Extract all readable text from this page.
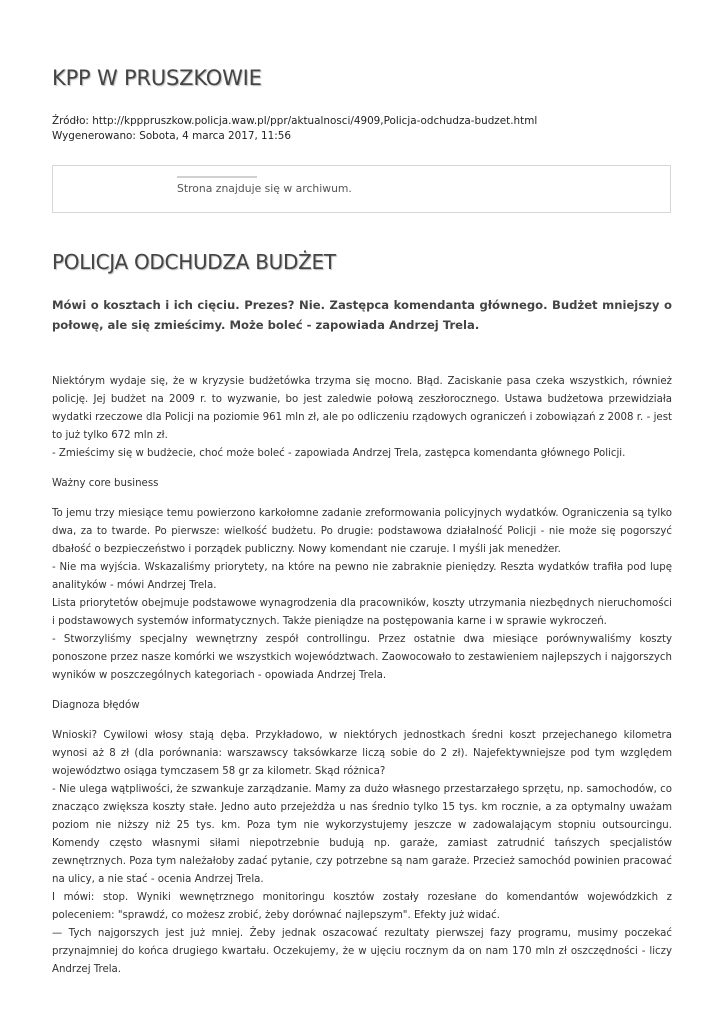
KPP W PRUSZKOWIE
Źródło: http://kpppruszkow.policja.waw.pl/ppr/aktualnosci/4909,Policja-odchudza-budzet.html
Wygenerowano: Sobota, 4 marca 2017, 11:56
Strona znajduje się w archiwum.
POLICJA ODCHUDZA BUDŻET

Mówi o kosztach i ich cięciu. Prezes? Nie. Zastępca komendanta głównego. Budżet mniejszy o połowę, ale się zmieścimy. Może boleć - zapowiada Andrzej Trela.

Niektórym wydaje się, że w kryzysie budżetówka trzyma się mocno. Błąd. Zaciskanie pasa czeka wszystkich, również policję. Jej budżet na 2009 r. to wyzwanie, bo jest zaledwie połową zeszłorocznego. Ustawa budżetowa przewidziała wydatki rzeczowe dla Policji na poziomie 961 mln zł, ale po odliczeniu rządowych ograniczeń i zobowiązań z 2008 r. - jest to już tylko 672 mln zł.
- Zmieścimy się w budżecie, choć może boleć - zapowiada Andrzej Trela, zastępca komendanta głównego Policji.

Ważny core business

To jemu trzy miesiące temu powierzono karkołomne zadanie zreformowania policyjnych wydatków. Ograniczenia są tylko dwa, za to twarde. Po pierwsze: wielkość budżetu. Po drugie: podstawowa działalność Policji - nie może się pogorszyć dbałość o bezpieczeństwo i porządek publiczny. Nowy komendant nie czaruje. I myśli jak menedżer.
- Nie ma wyjścia. Wskazaliśmy priorytety, na które na pewno nie zabraknie pieniędzy. Reszta wydatków trafiła pod lupę analityków - mówi Andrzej Trela.
Lista priorytetów obejmuje podstawowe wynagrodzenia dla pracowników, koszty utrzymania niezbędnych nieruchomości i podstawowych systemów informatycznych. Także pieniądze na postępowania karne i w sprawie wykroczeń.
- Stworzyliśmy specjalny wewnętrzny zespół controllingu. Przez ostatnie dwa miesiące porównywaliśmy koszty ponoszone przez nasze komórki we wszystkich województwach. Zaowocowało to zestawieniem najlepszych i najgorszych wyników w poszczególnych kategoriach - opowiada Andrzej Trela.

Diagnoza błędów

Wnioski? Cywilowi włosy stają dęba. Przykładowo, w niektórych jednostkach średni koszt przejechanego kilometra wynosi aż 8 zł (dla porównania: warszawscy taksówkarze liczą sobie do 2 zł). Najefektywniejsze pod tym względem województwo osiąga tymczasem 58 gr za kilometr. Skąd różnica?
- Nie ulega wątpliwości, że szwankuje zarządzanie. Mamy za dużo własnego przestarzałego sprzętu, np. samochodów, co znacząco zwiększa koszty stałe. Jedno auto przejeżdża u nas średnio tylko 15 tys. km rocznie, a za optymalny uważam poziom nie niższy niż 25 tys. km. Poza tym nie wykorzystujemy jeszcze w zadowalającym stopniu outsourcingu. Komendy często własnymi siłami niepotrzebnie budują np. garaże, zamiast zatrudnić tańszych specjalistów zewnętrznych. Poza tym należałoby zadać pytanie, czy potrzebne są nam garaże. Przecież samochód powinien pracować na ulicy, a nie stać - ocenia Andrzej Trela.
I mówi: stop. Wyniki wewnętrznego monitoringu kosztów zostały rozesłane do komendantów wojewódzkich z poleceniem: "sprawdź, co możesz zrobić, żeby dorównać najlepszym". Efekty już widać.
— Tych najgorszych jest już mniej. Żeby jednak oszacować rezultaty pierwszej fazy programu, musimy poczekać przynajmniej do końca drugiego kwartału. Oczekujemy, że w ujęciu rocznym da on nam 170 mln zł oszczędności - liczy Andrzej Trela.
